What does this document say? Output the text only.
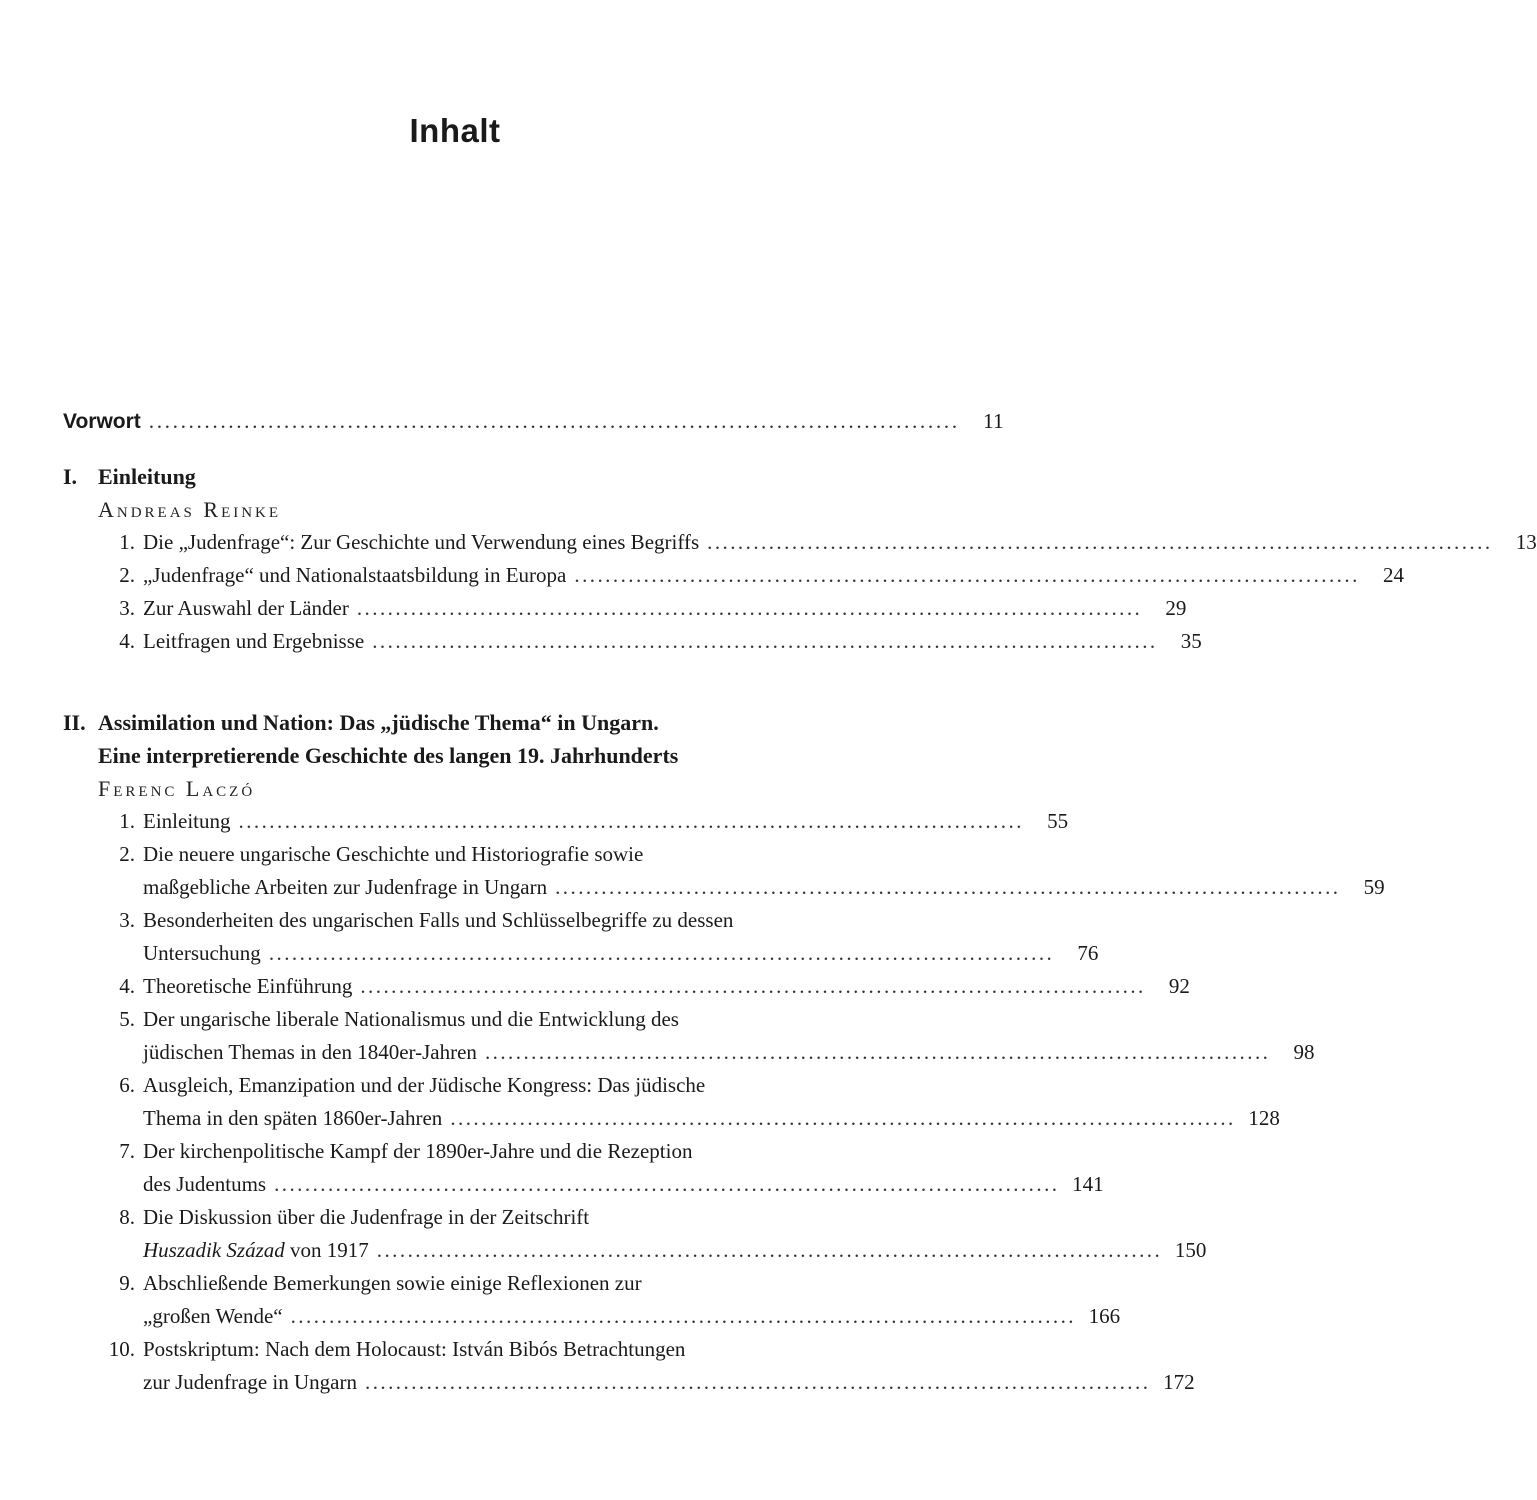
Inhalt
Vorwort . . .	11
I. Einleitung
Andreas Reinke
1. Die „Judenfrage“: Zur Geschichte und Verwendung eines Begriffs . . .	13
2. „Judenfrage“ und Nationalstaatsbildung in Europa . . .	24
3. Zur Auswahl der Länder . . .	29
4. Leitfragen und Ergebnisse . . .	35
II. Assimilation und Nation: Das „jüdische Thema“ in Ungarn.
Eine interpretierende Geschichte des langen 19. Jahrhunderts
Ferenc Laczó
1. Einleitung . . .	55
2. Die neuere ungarische Geschichte und Historiografie sowie
maßgebliche Arbeiten zur Judenfrage in Ungarn . . .	59
3. Besonderheiten des ungarischen Falls und Schlüsselbegriffe zu dessen
Untersuchung . . .	76
4. Theoretische Einführung . . .	92
5. Der ungarische liberale Nationalismus und die Entwicklung des
jüdischen Themas in den 1840er-Jahren . . .	98
6. Ausgleich, Emanzipation und der Jüdische Kongress: Das jüdische
Thema in den späten 1860er-Jahren . . .	128
7. Der kirchenpolitische Kampf der 1890er-Jahre und die Rezeption
des Judentums . . .	141
8. Die Diskussion über die Judenfrage in der Zeitschrift
Huszadik Század von 1917 . . .	150
9. Abschließende Bemerkungen sowie einige Reflexionen zur
„großen Wende“ . . .	166
10. Postskriptum: Nach dem Holocaust: István Bibós Betrachtungen
zur Judenfrage in Ungarn . . .	172
